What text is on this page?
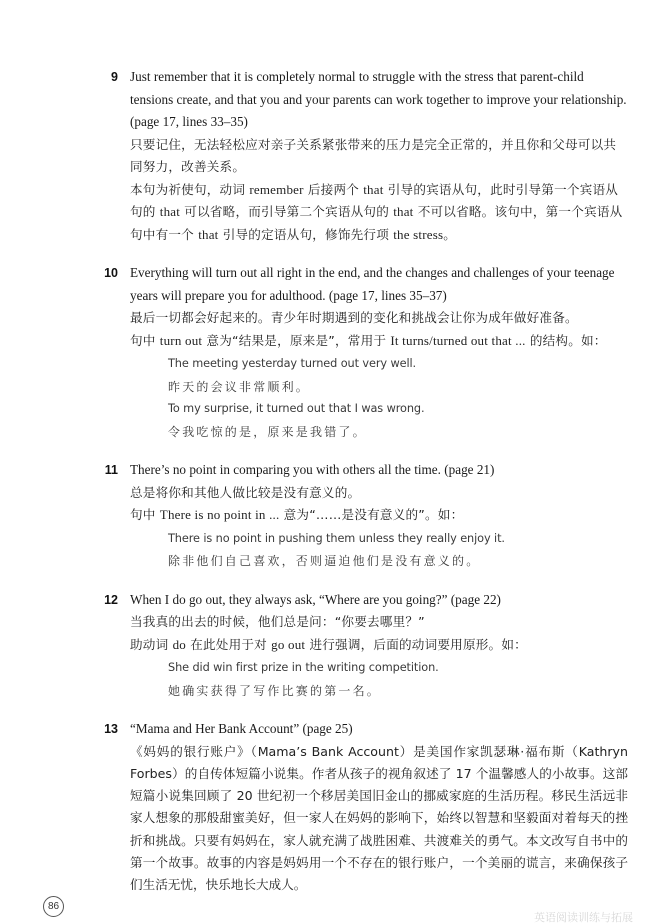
9 Just remember that it is completely normal to struggle with the stress that parent-child tensions create, and that you and your parents can work together to improve your relationship. (page 17, lines 33–35)
只要记住，无法轻松应对亲子关系紧张带来的压力是完全正常的，并且你和父母可以共同努力，改善关系。
本句为祈使句，动词 remember 后接两个 that 引导的宾语从句，此时引导第一个宾语从句的 that 可以省略，而引导第二个宾语从句的 that 不可以省略。该句中，第一个宾语从句中有一个 that 引导的定语从句，修饰先行项 the stress。
10 Everything will turn out all right in the end, and the changes and challenges of your teenage years will prepare you for adulthood. (page 17, lines 35–37)
最后一切都会好起来的。青少年时期遇到的变化和挑战会让你为成年做好准备。
句中 turn out 意为“结果是，原来是”，常用于 It turns/turned out that ... 的结构。如：
The meeting yesterday turned out very well.
昨天的会议非常顺利。
To my surprise, it turned out that I was wrong.
令我吃惊的是，原来是我错了。
11 There’s no point in comparing you with others all the time. (page 21)
总是将你和其他人做比较是没有意义的。
句中 There is no point in ... 意为“……是没有意义的”。如：
There is no point in pushing them unless they really enjoy it.
除非他们自己喜欢，否则逼迫他们是没有意义的。
12 When I do go out, they always ask, “Where are you going?” (page 22)
当我真的出去的时候，他们总是问：“你要去哪里？”
助动词 do 在此处用于对 go out 进行强调，后面的动词要用原形。如：
She did win first prize in the writing competition.
她确实获得了写作比赛的第一名。
13 “Mama and Her Bank Account” (page 25)
《妈妈的银行账户》（Mama’s Bank Account）是美国作家凯瑟琳·福布斯（Kathryn Forbes）的自传体短篇小说集。作者从孩子的视角叙述了 17 个温馨感人的小故事。这部短篇小说集回顾了 20 世纪初一个移居美国旧金山的挪威家庭的生活历程。移民生活远非家人想象的那般甜蜜美好，但一家人在妈妈的影响下，始终以智慧和坚毅面对着每天的挫折和挑战。只要有妈妈在，家人就充满了战胜困难、共渡难关的勇气。本文改写自书中的第一个故事。故事的内容是妈妈用一个不存在的银行账户，一个美丽的谎言，来确保孩子们生活无忧，快乐地长大成人。
86
英语阅读训练与拓展
